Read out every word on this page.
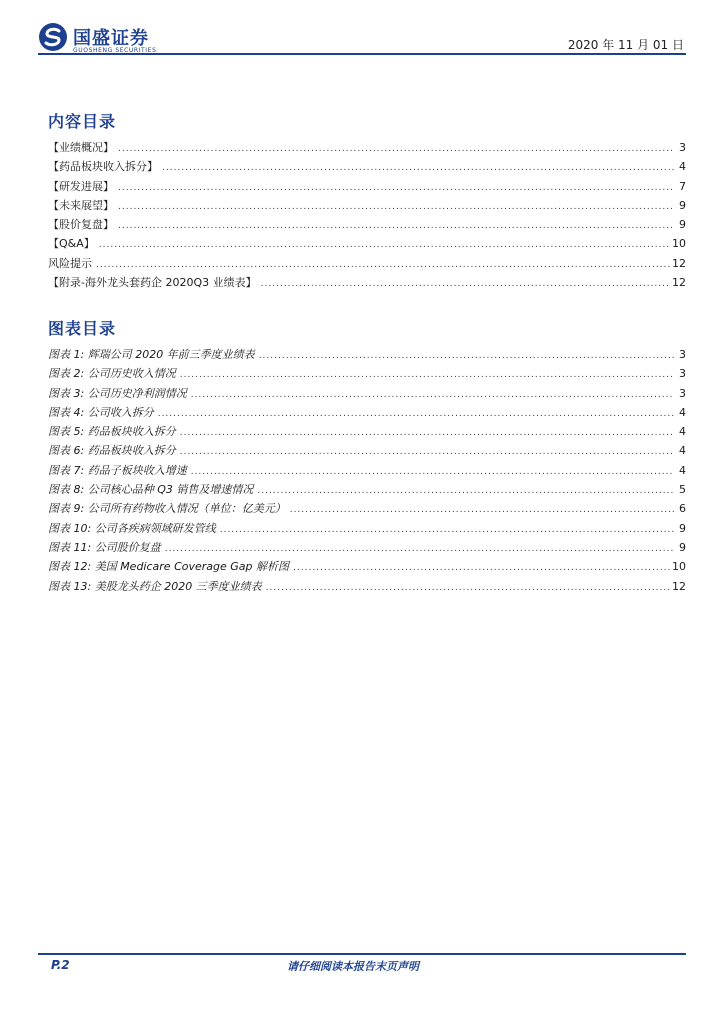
国盛证券
GUOSHENG SECURITIES	2020 年 11 月 01 日
内容目录
【业绩概况】 .....	3
【药品板块收入拆分】 .....	4
【研发进展】 .....	7
【未来展望】 .....	9
【股价复盘】 .....	9
【Q&A】 .....	10
风险提示 .....	12
【附录-海外龙头套药企 2020Q3 业绩表】 .....	12
图表目录
图表 1: 辉瑞公司 2020 年前三季度业绩表 .....	3
图表 2: 公司历史收入情况 .....	3
图表 3: 公司历史净利润情况 .....	3
图表 4: 公司收入拆分 .....	4
图表 5: 药品板块收入拆分 .....	4
图表 6: 药品板块收入拆分 .....	4
图表 7: 药品子板块收入增速 .....	4
图表 8: 公司核心品种 Q3 销售及增速情况 .....	5
图表 9: 公司所有药物收入情况（单位：亿美元） .....	6
图表 10: 公司各疾病领域研发管线 .....	9
图表 11: 公司股价复盘 .....	9
图表 12: 美国 Medicare Coverage Gap 解析图 .....	10
图表 13: 美股龙头药企 2020 三季度业绩表 .....	12
P.2	请仔细阅读本报告末页声明
